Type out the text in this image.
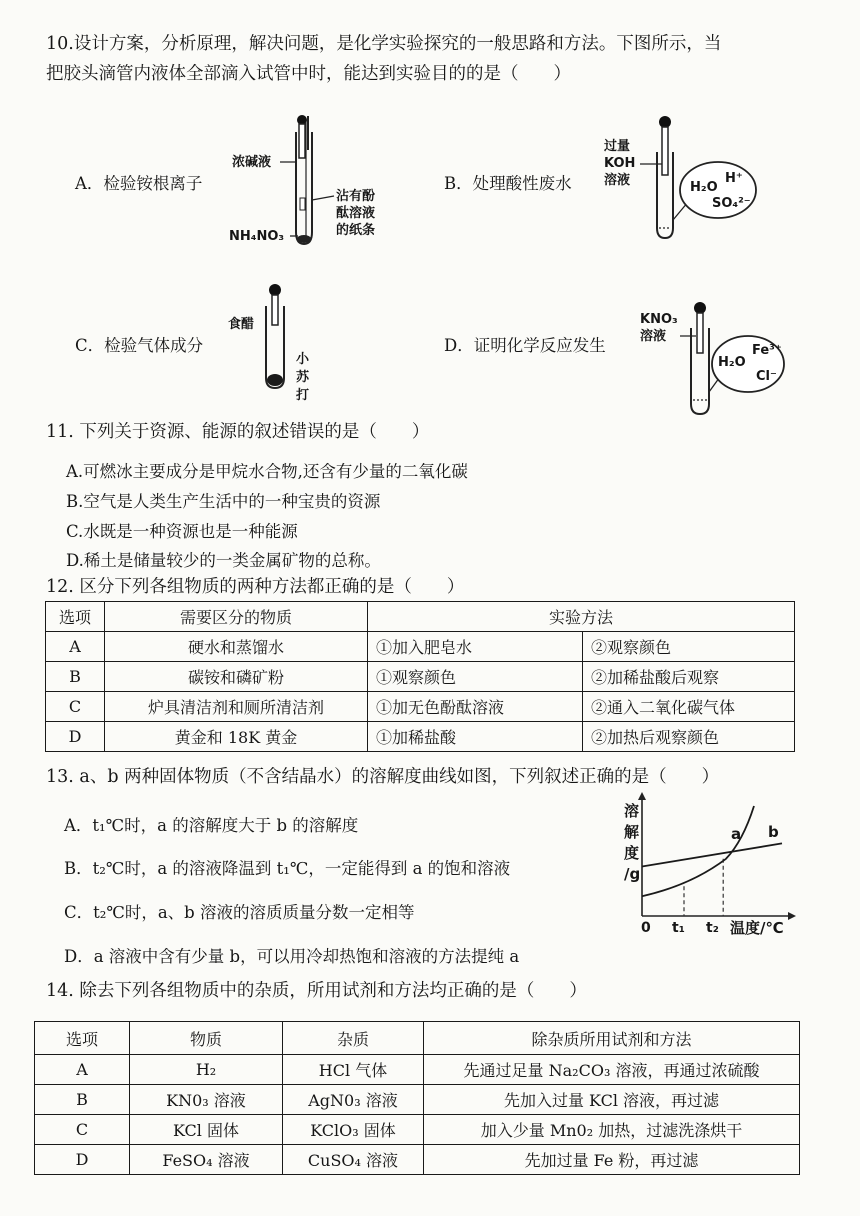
10.设计方案，分析原理，解决问题，是化学实验探究的一般思路和方法。下图所示，当
把胶头滴管内液体全部滴入试管中时，能达到实验目的的是（　　）
A．检验铵根离子
浓碱液
沾有酚
酞溶液
的纸条
NH₄NO₃
B．处理酸性废水
过量
KOH
溶液	H₂O
H⁺
SO₄²⁻
C．检验气体成分
食醋
小
苏
打
D．证明化学反应发生
KNO₃
溶液
H₂O
Fe³⁺
Cl⁻
11. 下列关于资源、能源的叙述错误的是（　　）
A.可燃冰主要成分是甲烷水合物,还含有少量的二氧化碳
B.空气是人类生产生活中的一种宝贵的资源
C.水既是一种资源也是一种能源
D.稀土是储量较少的一类金属矿物的总称。
12. 区分下列各组物质的两种方法都正确的是（　　）
选项	需要区分的物质	实验方法	
A	硬水和蒸馏水	①加入肥皂水	②观察颜色
B	碳铵和磷矿粉	①观察颜色	②加稀盐酸后观察
C	炉具清洁剂和厕所清洁剂	①加无色酚酞溶液	②通入二氧化碳气体
D	黄金和 18K 黄金	①加稀盐酸	②加热后观察颜色
13. a、b 两种固体物质（不含结晶水）的溶解度曲线如图，下列叙述正确的是（　　）
A．t₁℃时，a 的溶解度大于 b 的溶解度
B．t₂℃时，a 的溶液降温到 t₁℃，一定能得到 a 的饱和溶液
C．t₂℃时，a、b 溶液的溶质质量分数一定相等
D．a 溶液中含有少量 b，可以用冷却热饱和溶液的方法提纯 a
溶
解
度
/g
0 t₁ t₂ 温度/℃
a b
14. 除去下列各组物质中的杂质，所用试剂和方法均正确的是（　　）
选项	物质	杂质	除杂质所用试剂和方法
A	H₂	HCl 气体	先通过足量 Na₂CO₃ 溶液，再通过浓硫酸
B	KN0₃ 溶液	AgN0₃ 溶液	先加入过量 KCl 溶液，再过滤
C	KCl 固体	KClO₃ 固体	加入少量 Mn0₂ 加热，过滤洗涤烘干
D	FeSO₄ 溶液	CuSO₄ 溶液	先加过量 Fe 粉，再过滤
